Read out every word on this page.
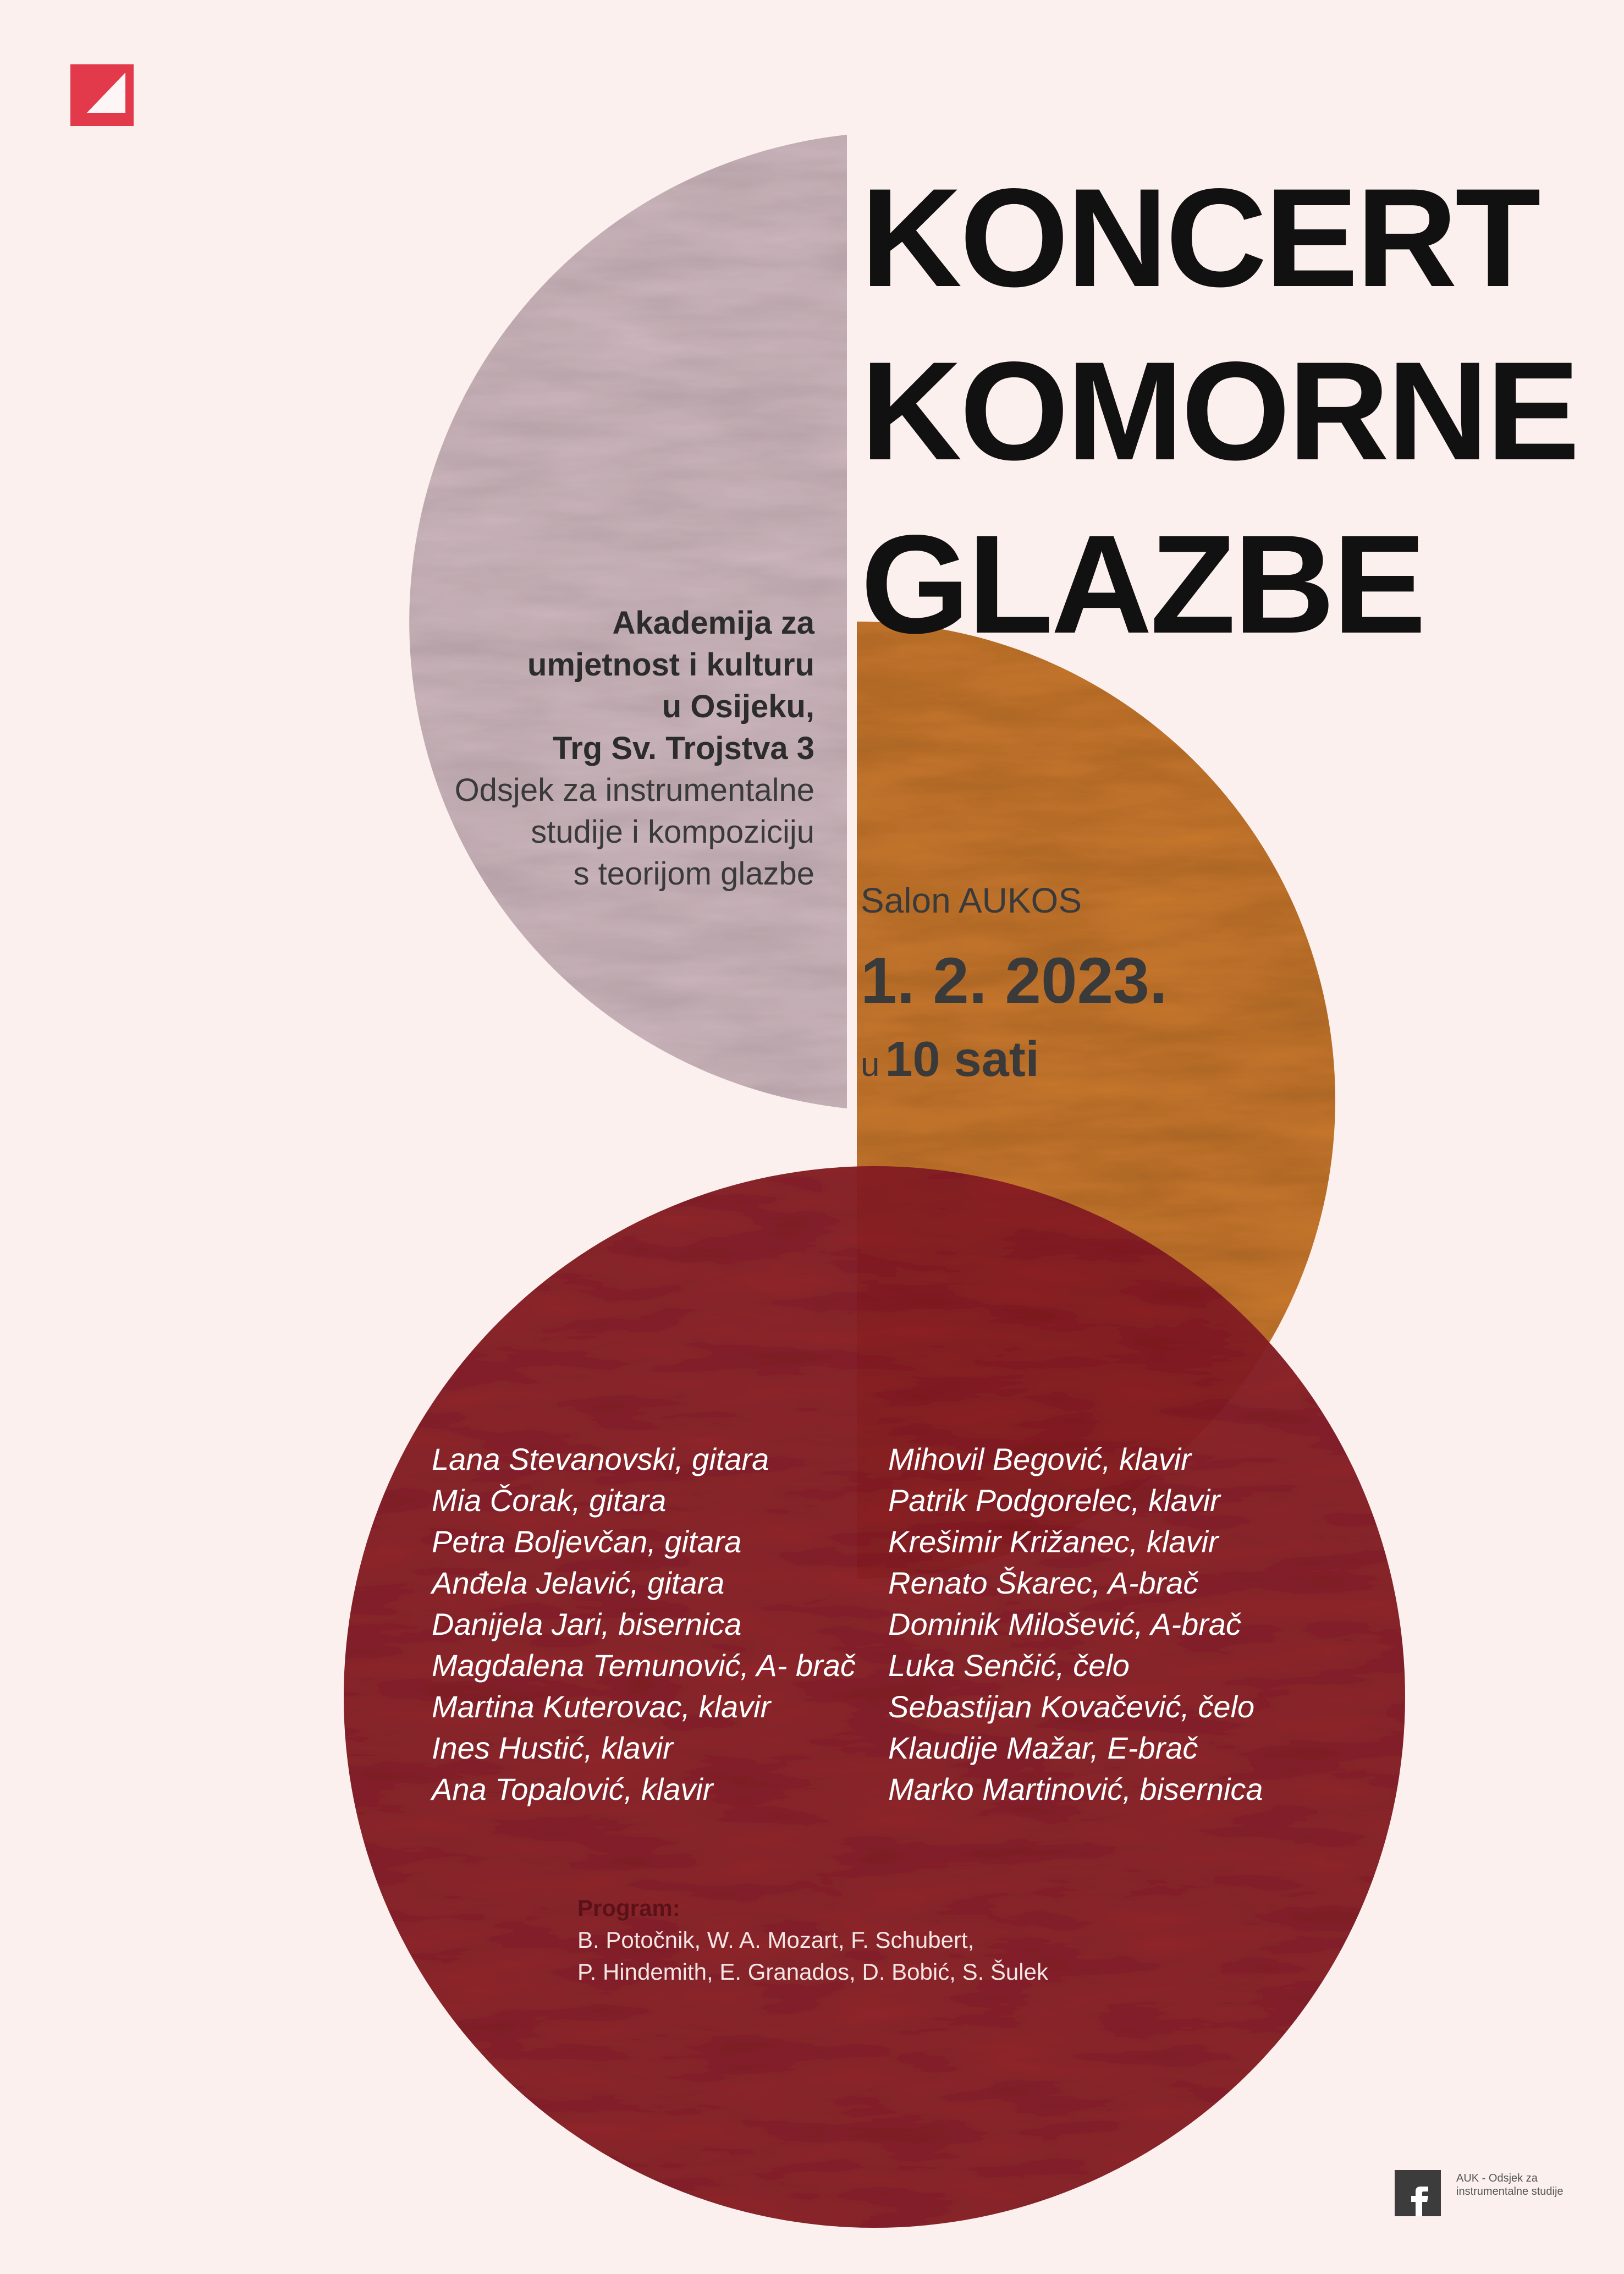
KONCERT
KOMORNE
GLAZBE
Akademija za
umjetnost i kulturu
u Osijeku,
Trg Sv. Trojstva 3
Odsjek za instrumentalne
studije i kompoziciju
s teorijom glazbe
Salon AUKOS
1. 2. 2023.
u 10 sati
Lana Stevanovski, gitara
Mia Čorak, gitara
Petra Boljevčan, gitara
Anđela Jelavić, gitara
Danijela Jari, bisernica
Magdalena Temunović, A- brač
Martina Kuterovac, klavir
Ines Hustić, klavir
Ana Topalović, klavir
Mihovil Begović, klavir
Patrik Podgorelec, klavir
Krešimir Križanec, klavir
Renato Škarec, A-brač
Dominik Milošević, A-brač
Luka Senčić, čelo
Sebastijan Kovačević, čelo
Klaudije Mažar, E-brač
Marko Martinović, bisernica
Program:
B. Potočnik, W. A. Mozart, F. Schubert,
P. Hindemith, E. Granados, D. Bobić, S. Šulek
AUK - Odsjek za
instrumentalne studije
